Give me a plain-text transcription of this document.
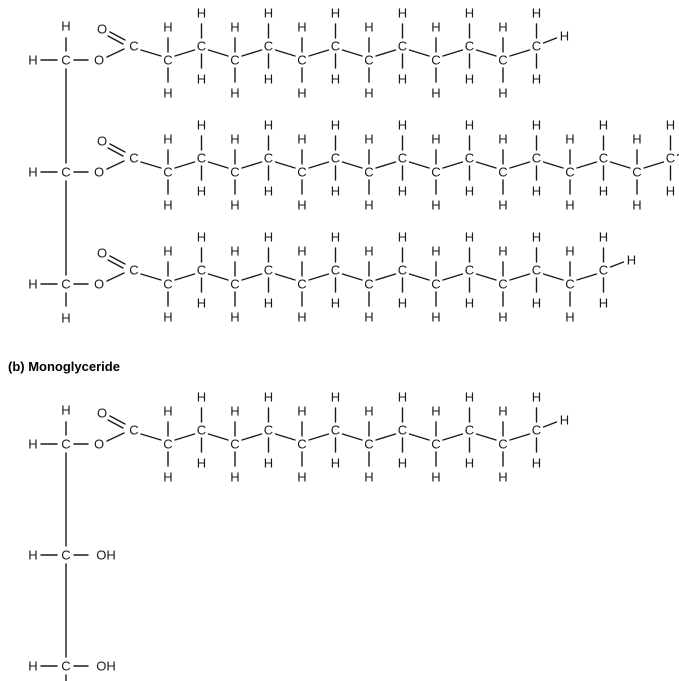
(b) Monoglyceride
H C
H
H C
H C
H
O
C
O
C
H
H
C
H
H
C
H
H
C
H
H
C
H
H
C
H
H
C
H
H
C
H
H
C
H
H
C
H
H
C
H
H
C
H
H
H
O
C
O
C
H
H
C
H
H
C
H
H
C
H
H
C
H
H
C
H
H
C
H
H
C
H
H
C
H
H
C
H
H
C
H
H
C
H
H
C
H
H
C
H
H
C
H
H
C
H
H
O
C
O
C
H
H
C
H
H
C
H
H
C
H
H
C
H
H
C
H
H
C
H
H
C
H
H
C
H
H
C
H
H
C
H
H
C
H
H
C
H
H
C
H
H
H
H C
H
O
C
O
C
H
H
C
H
H
C
H
H
C
H
H
C
H
H
C
H
H
C
H
H
C
H
H
C
H
H
C
H
H
C
H
H
C
H
H
H
H C OH
H C OH
